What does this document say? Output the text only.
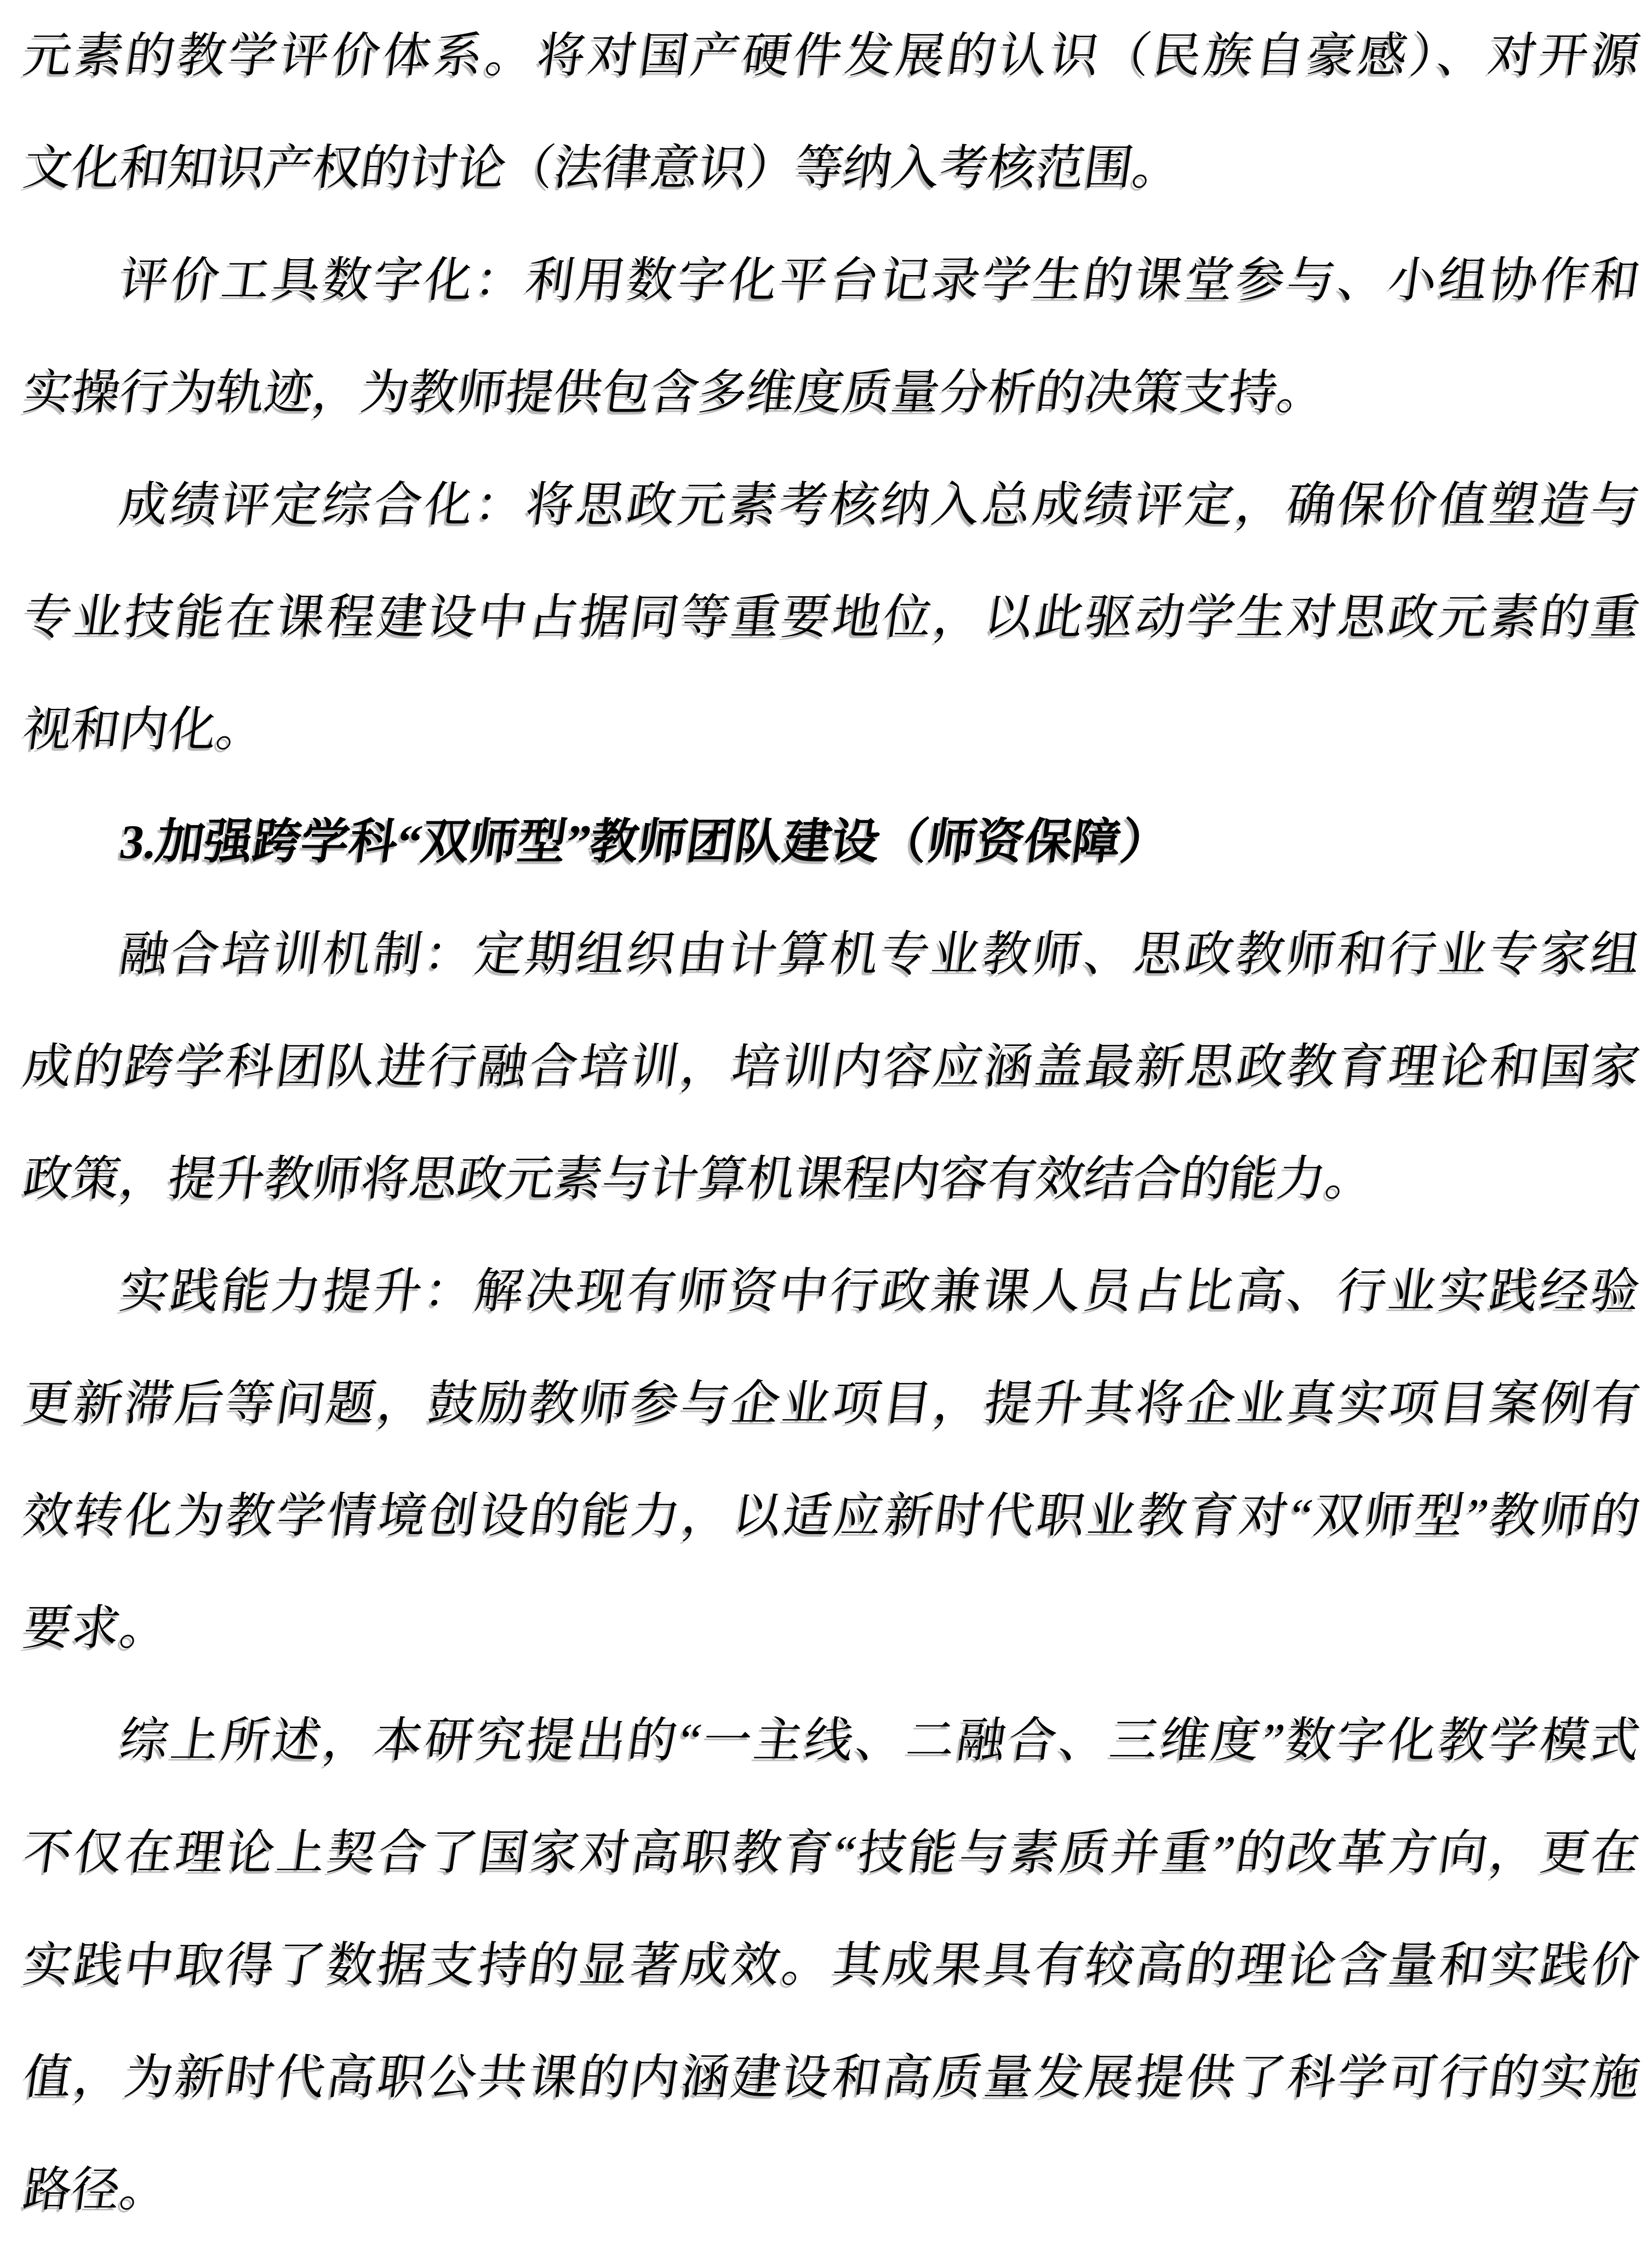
元素的教学评价体系。将对国产硬件发展的认识（民族自豪感）、对开源
文化和知识产权的讨论（法律意识）等纳入考核范围。
评价工具数字化：利用数字化平台记录学生的课堂参与、小组协作和
实操行为轨迹，为教师提供包含多维度质量分析的决策支持。
成绩评定综合化：将思政元素考核纳入总成绩评定，确保价值塑造与
专业技能在课程建设中占据同等重要地位，以此驱动学生对思政元素的重
视和内化。
3.加强跨学科“双师型”教师团队建设（师资保障）
融合培训机制：定期组织由计算机专业教师、思政教师和行业专家组
成的跨学科团队进行融合培训，培训内容应涵盖最新思政教育理论和国家
政策，提升教师将思政元素与计算机课程内容有效结合的能力。
实践能力提升：解决现有师资中行政兼课人员占比高、行业实践经验
更新滞后等问题，鼓励教师参与企业项目，提升其将企业真实项目案例有
效转化为教学情境创设的能力，以适应新时代职业教育对“双师型”教师的
要求。
综上所述，本研究提出的“一主线、二融合、三维度”数字化教学模式
不仅在理论上契合了国家对高职教育“技能与素质并重”的改革方向，更在
实践中取得了数据支持的显著成效。其成果具有较高的理论含量和实践价
值，为新时代高职公共课的内涵建设和高质量发展提供了科学可行的实施
路径。
